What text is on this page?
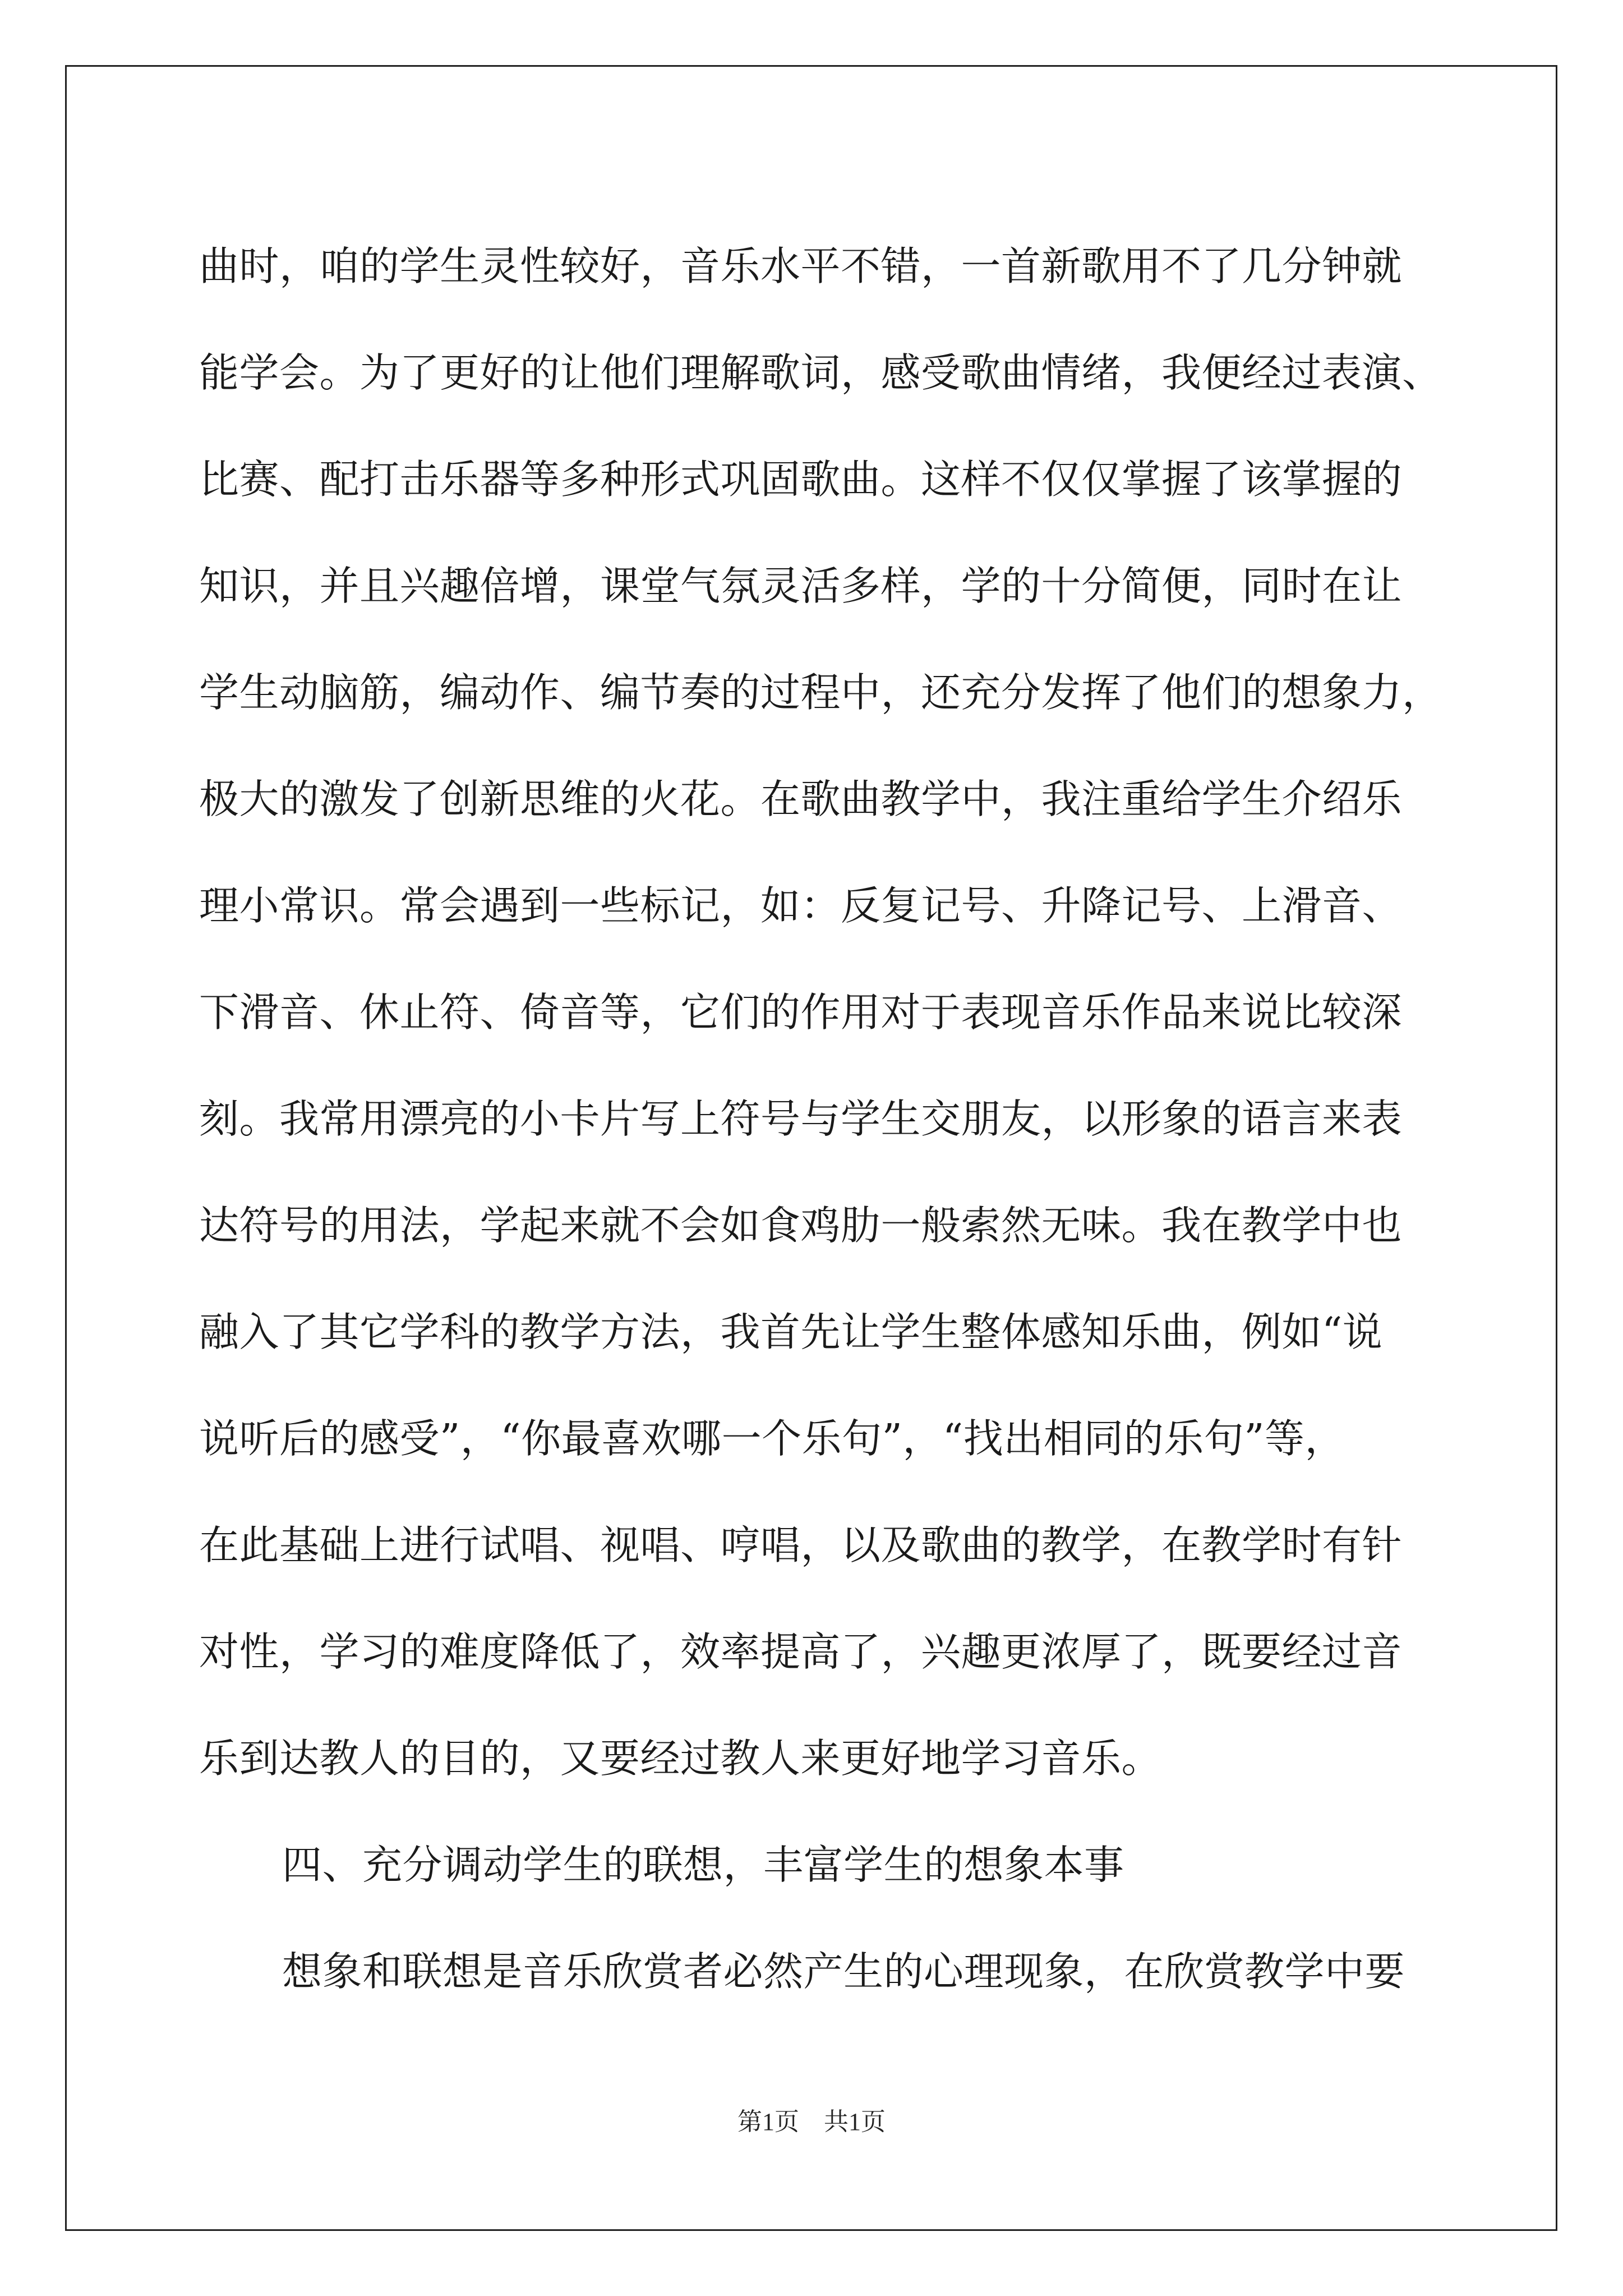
曲时，咱的学生灵性较好，音乐水平不错，一首新歌用不了几分钟就
能学会。为了更好的让他们理解歌词，感受歌曲情绪，我便经过表演、
比赛、配打击乐器等多种形式巩固歌曲。这样不仅仅掌握了该掌握的
知识，并且兴趣倍增，课堂气氛灵活多样，学的十分简便，同时在让
学生动脑筋，编动作、编节奏的过程中，还充分发挥了他们的想象力，
极大的激发了创新思维的火花。在歌曲教学中，我注重给学生介绍乐
理小常识。常会遇到一些标记，如：反复记号、升降记号、上滑音、
下滑音、休止符、倚音等，它们的作用对于表现音乐作品来说比较深
刻。我常用漂亮的小卡片写上符号与学生交朋友，以形象的语言来表
达符号的用法，学起来就不会如食鸡肋一般索然无味。我在教学中也
融入了其它学科的教学方法，我首先让学生整体感知乐曲，例如“说
说听后的感受”，“你最喜欢哪一个乐句”，“找出相同的乐句”等，
在此基础上进行试唱、视唱、哼唱，以及歌曲的教学，在教学时有针
对性，学习的难度降低了，效率提高了，兴趣更浓厚了，既要经过音
乐到达教人的目的，又要经过教人来更好地学习音乐。
四、充分调动学生的联想，丰富学生的想象本事
想象和联想是音乐欣赏者必然产生的心理现象，在欣赏教学中要
第1页　共1页
